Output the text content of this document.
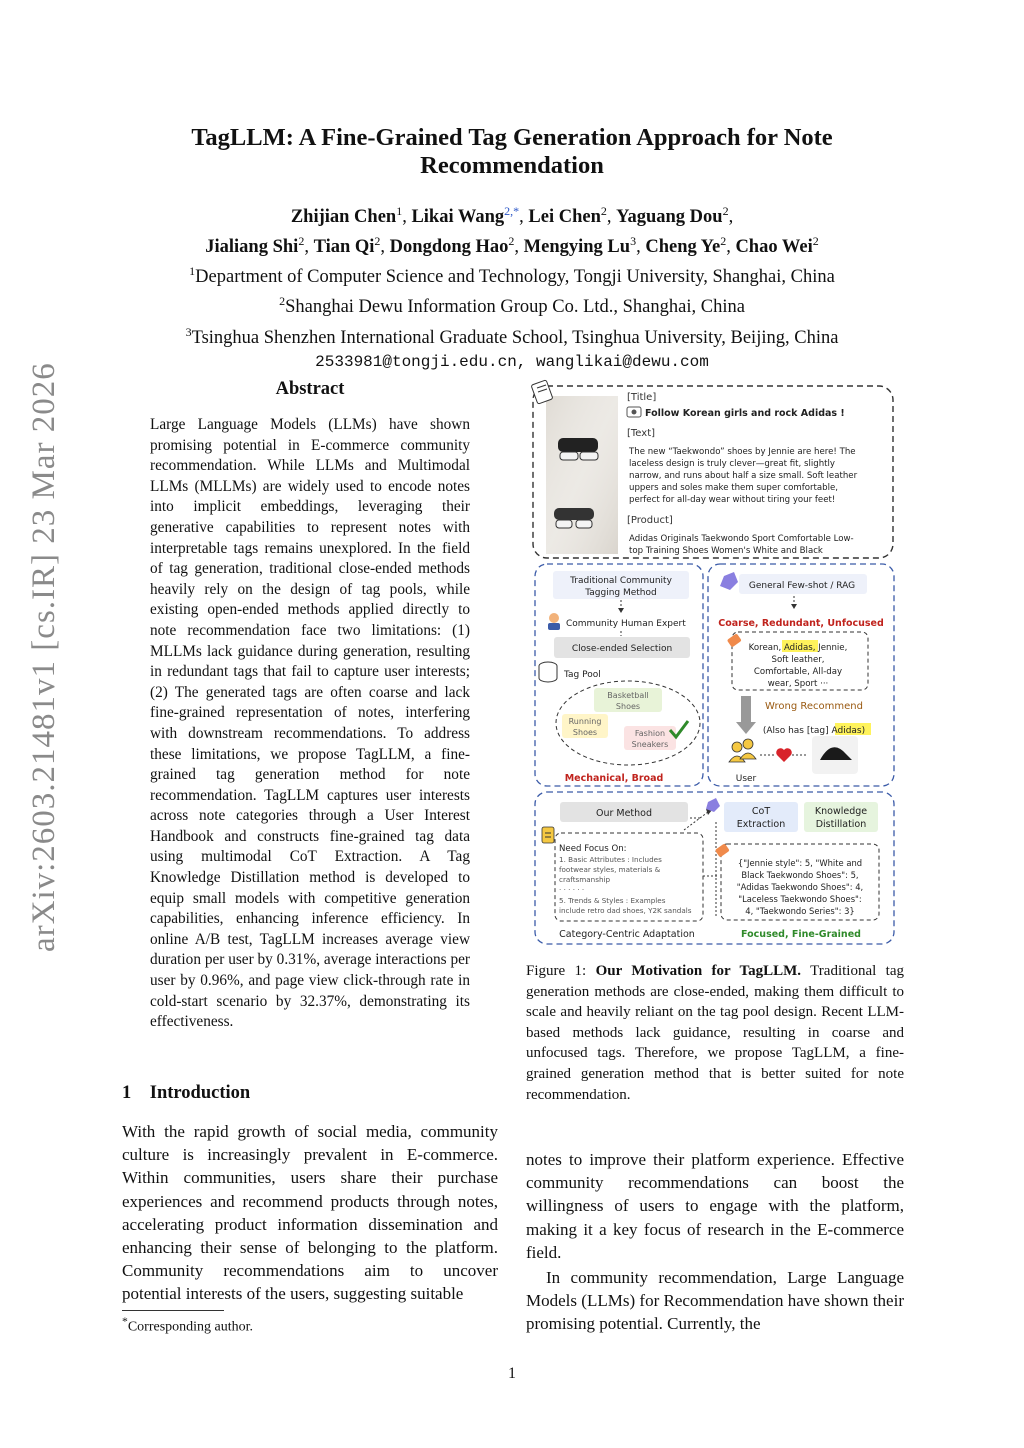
arXiv:2603.21481v1 [cs.IR] 23 Mar 2026
TagLLM: A Fine-Grained Tag Generation Approach for Note
Recommendation
Zhijian Chen$^1$, Likai Wang$^{2,*}$, Lei Chen$^2$, Yaguang Dou$^2$,
Jialiang Shi$^2$, Tian Qi$^2$, Dongdong Hao$^2$, Mengying Lu$^3$, Cheng Ye$^2$, Chao Wei$^2$
$^1$Department of Computer Science and Technology, Tongji University, Shanghai, China
$^2$Shanghai Dewu Information Group Co. Ltd., Shanghai, China
$^3$Tsinghua Shenzhen International Graduate School, Tsinghua University, Beijing, China
2533981@tongji.edu.cn, wanglikai@dewu.com
Abstract
Large Language Models (LLMs) have shown promising potential in E-commerce community recommendation. While LLMs and Multimodal LLMs (MLLMs) are widely used to encode notes into implicit embeddings, leveraging their generative capabilities to represent notes with interpretable tags remains unexplored. In the field of tag generation, traditional close-ended methods heavily rely on the design of tag pools, while existing open-ended methods applied directly to note recommendation face two limitations: (1) MLLMs lack guidance during generation, resulting in redundant tags that fail to capture user interests; (2) The generated tags are often coarse and lack fine-grained representation of notes, interfering with downstream recommendations. To address these limitations, we propose TagLLM, a fine-grained tag generation method for note recommendation. TagLLM captures user interests across note categories through a User Interest Handbook and constructs fine-grained tag data using multimodal CoT Extraction. A Tag Knowledge Distillation method is developed to equip small models with competitive generation capabilities, enhancing inference efficiency. In online A/B test, TagLLM increases average view duration per user by 0.31%, average interactions per user by 0.96%, and page view click-through rate in cold-start scenario by 32.37%, demonstrating its effectiveness.
1 Introduction
With the rapid growth of social media, community culture is increasingly prevalent in E-commerce. Within communities, users share their purchase experiences and recommend products through notes, accelerating product information dissemination and enhancing their sense of belonging to the platform. Community recommendations aim to uncover potential interests of the users, suggesting suitable
*Corresponding author.
[Title]
Follow Korean girls and rock Adidas !
[Text]
The new “Taekwondo” shoes by Jennie are here! The
laceless design is truly clever—great fit, slightly
narrow, and runs about half a size small. Soft leather
uppers and soles make them super comfortable,
perfect for all-day wear without tiring your feet!
[Product]
Adidas Originals Taekwondo Sport Comfortable Low-
top Training Shoes Women's White and Black
Traditional Community
Tagging Method
Community Human Expert
Close-ended Selection
Tag Pool
Basketball
Shoes
Running
Shoes	Fashion
Sneakers
Mechanical, Broad
General Few-shot / RAG
Coarse, Redundant, Unfocused
Korean, Adidas, Jennie,
Soft leather,
Comfortable, All-day
wear, Sport ···
Wrong Recommend
(Also has [tag] Adidas)
User
Our Method	CoT
Extraction
Knowledge
Distillation
Need Focus On:
1. Basic Attributes : Includes
footwear styles, materials &
craftsmanship
· · · · · ·
5. Trends & Styles : Examples
include retro dad shoes, Y2K sandals
{"Jennie style": 5, "White and
Black Taekwondo Shoes": 5,
"Adidas Taekwondo Shoes": 4,
"Laceless Taekwondo Shoes":
4, "Taekwondo Series": 3}
Category-Centric Adaptation	Focused, Fine-Grained
Figure 1: Our Motivation for TagLLM. Traditional tag generation methods are close-ended, making them difficult to scale and heavily reliant on the tag pool design. Recent LLM-based methods lack guidance, resulting in coarse and unfocused tags. Therefore, we propose TagLLM, a fine-grained generation method that is better suited for note recommendation.
notes to improve their platform experience. Effective community recommendations can boost the willingness of users to engage with the platform, making it a key focus of research in the E-commerce field.
In community recommendation, Large Language Models (LLMs) for Recommendation have shown their promising potential. Currently, the
1
